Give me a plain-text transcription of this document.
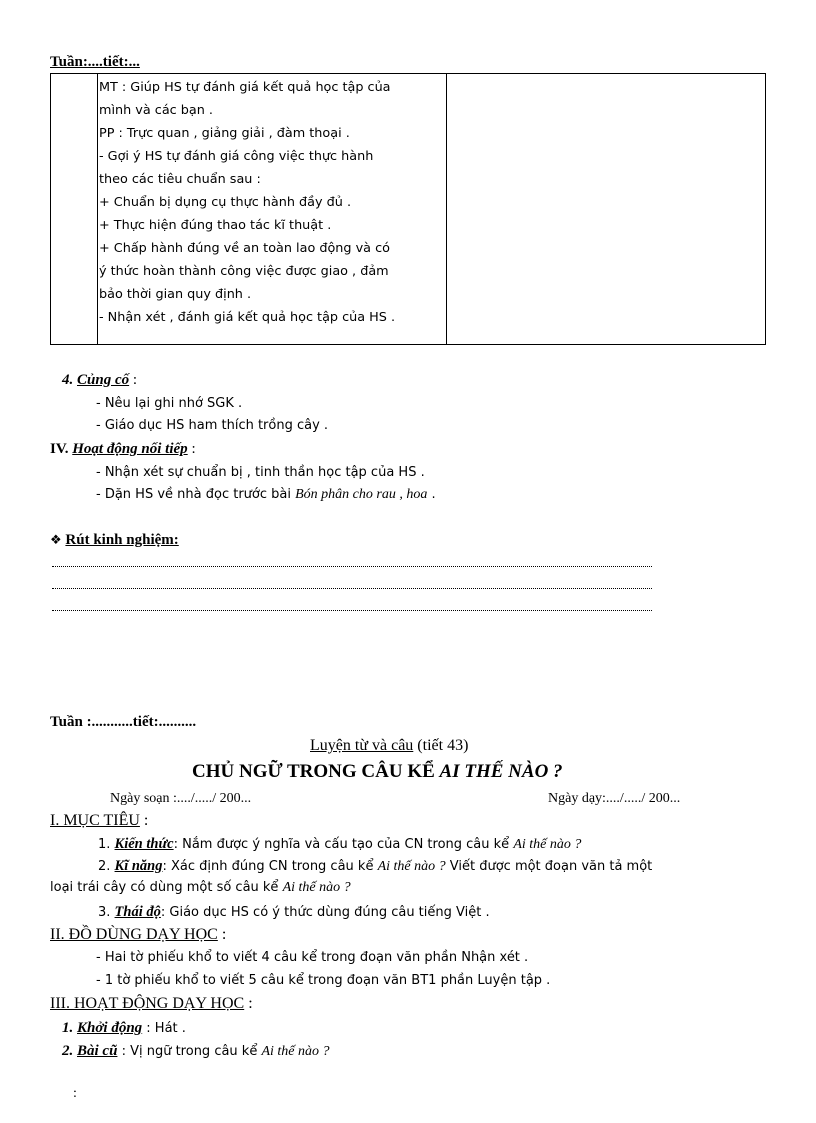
Tuần:....tiết:...
MT : Giúp HS tự đánh giá kết quả học tập của
mình và các bạn .
PP : Trực quan , giảng giải , đàm thoại .
- Gợi ý HS tự đánh giá công việc thực hành
theo các tiêu chuẩn sau :
+ Chuẩn bị dụng cụ thực hành đầy đủ .
+ Thực hiện đúng thao tác kĩ thuật .
+ Chấp hành đúng về an toàn lao động và có
ý thức hoàn thành công việc được giao , đảm
bảo thời gian quy định .
- Nhận xét , đánh giá kết quả học tập của HS .
4. Củng cố :
- Nêu lại ghi nhớ SGK .
- Giáo dục HS ham thích trồng cây .
IV. Hoạt động nối tiếp :
- Nhận xét sự chuẩn bị , tinh thần học tập của HS .
- Dặn HS về nhà đọc trước bài Bón phân cho rau , hoa .
❖ Rút kinh nghiệm:
Tuần :...........tiết:..........
Luyện từ và câu (tiết 43)
CHỦ NGỮ TRONG CÂU KỂ AI THẾ NÀO ?
Ngày soạn :..../...../ 200...	Ngày dạy:..../...../ 200...
I. MỤC TIÊU :
1. Kiến thức: Nắm được ý nghĩa và cấu tạo của CN trong câu kể Ai thế nào ?
2. Kĩ năng: Xác định đúng CN trong câu kể Ai thế nào ? Viết được một đoạn văn tả một
loại trái cây có dùng một số câu kể Ai thế nào ?
3. Thái độ: Giáo dục HS có ý thức dùng đúng câu tiếng Việt .
II. ĐỒ DÙNG DẠY HỌC :
- Hai tờ phiếu khổ to viết 4 câu kể trong đoạn văn phần Nhận xét .
- 1 tờ phiếu khổ to viết 5 câu kể trong đoạn văn BT1 phần Luyện tập .
III. HOẠT ĐỘNG DẠY HỌC :
1. Khởi động : Hát .
2. Bài cũ : Vị ngữ trong câu kể Ai thế nào ?
:
